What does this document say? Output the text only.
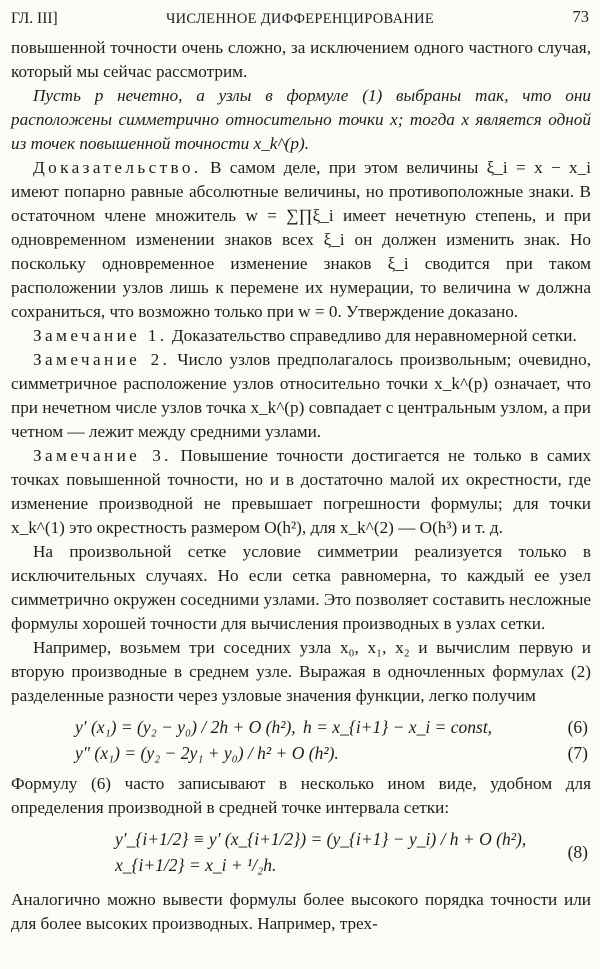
ГЛ. III]	ЧИСЛЕННОЕ ДИФФЕРЕНЦИРОВАНИЕ	73

повышенной точности очень сложно, за исключением одного частного случая, который мы сейчас рассмотрим.

Пусть p нечетно, а узлы в формуле (1) выбраны так, что они расположены симметрично относительно точки x; тогда x является одной из точек повышенной точности x_k^(p).

Доказательство. В самом деле, при этом величины ξ_i = x − x_i имеют попарно равные абсолютные величины, но противоположные знаки. В остаточном члене множитель w = ∑∏ξ_i имеет нечетную степень, и при одновременном изменении знаков всех ξ_i он должен изменить знак. Но поскольку одновременное изменение знаков ξ_i сводится при таком расположении узлов лишь к перемене их нумерации, то величина w должна сохраниться, что возможно только при w = 0. Утверждение доказано.

Замечание 1. Доказательство справедливо для неравномерной сетки.

Замечание 2. Число узлов предполагалось произвольным; очевидно, симметричное расположение узлов относительно точки x_k^(p) означает, что при нечетном числе узлов точка x_k^(p) совпадает с центральным узлом, а при четном — лежит между средними узлами.

Замечание 3. Повышение точности достигается не только в самих точках повышенной точности, но и в достаточно малой их окрестности, где изменение производной не превышает погрешности формулы; для точки x_k^(1) это окрестность размером O(h²), для x_k^(2) — O(h³) и т. д.

На произвольной сетке условие симметрии реализуется только в исключительных случаях. Но если сетка равномерна, то каждый ее узел симметрично окружен соседними узлами. Это позволяет составить несложные формулы хорошей точности для вычисления производных в узлах сетки.

Например, возьмем три соседних узла x₀, x₁, x₂ и вычислим первую и вторую производные в среднем узле. Выражая в одночленных формулах (2) разделенные разности через узловые значения функции, легко получим

y′ (x₁) = (y₂ − y₀) / 2h + O (h²), h = x_{i+1} − x_i = const,	(6)
y″ (x₁) = (y₂ − 2y₁ + y₀) / h² + O (h²).	(7)

Формулу (6) часто записывают в несколько ином виде, удобном для определения производной в средней точке интервала сетки:

y′_{i+1/2} ≡ y′ (x_{i+1/2}) = (y_{i+1} − y_i) / h + O (h²),
x_{i+1/2} = x_i + ¹/₂h.
(8)

Аналогично можно вывести формулы более высокого порядка точности или для более высоких производных. Например, трех-
